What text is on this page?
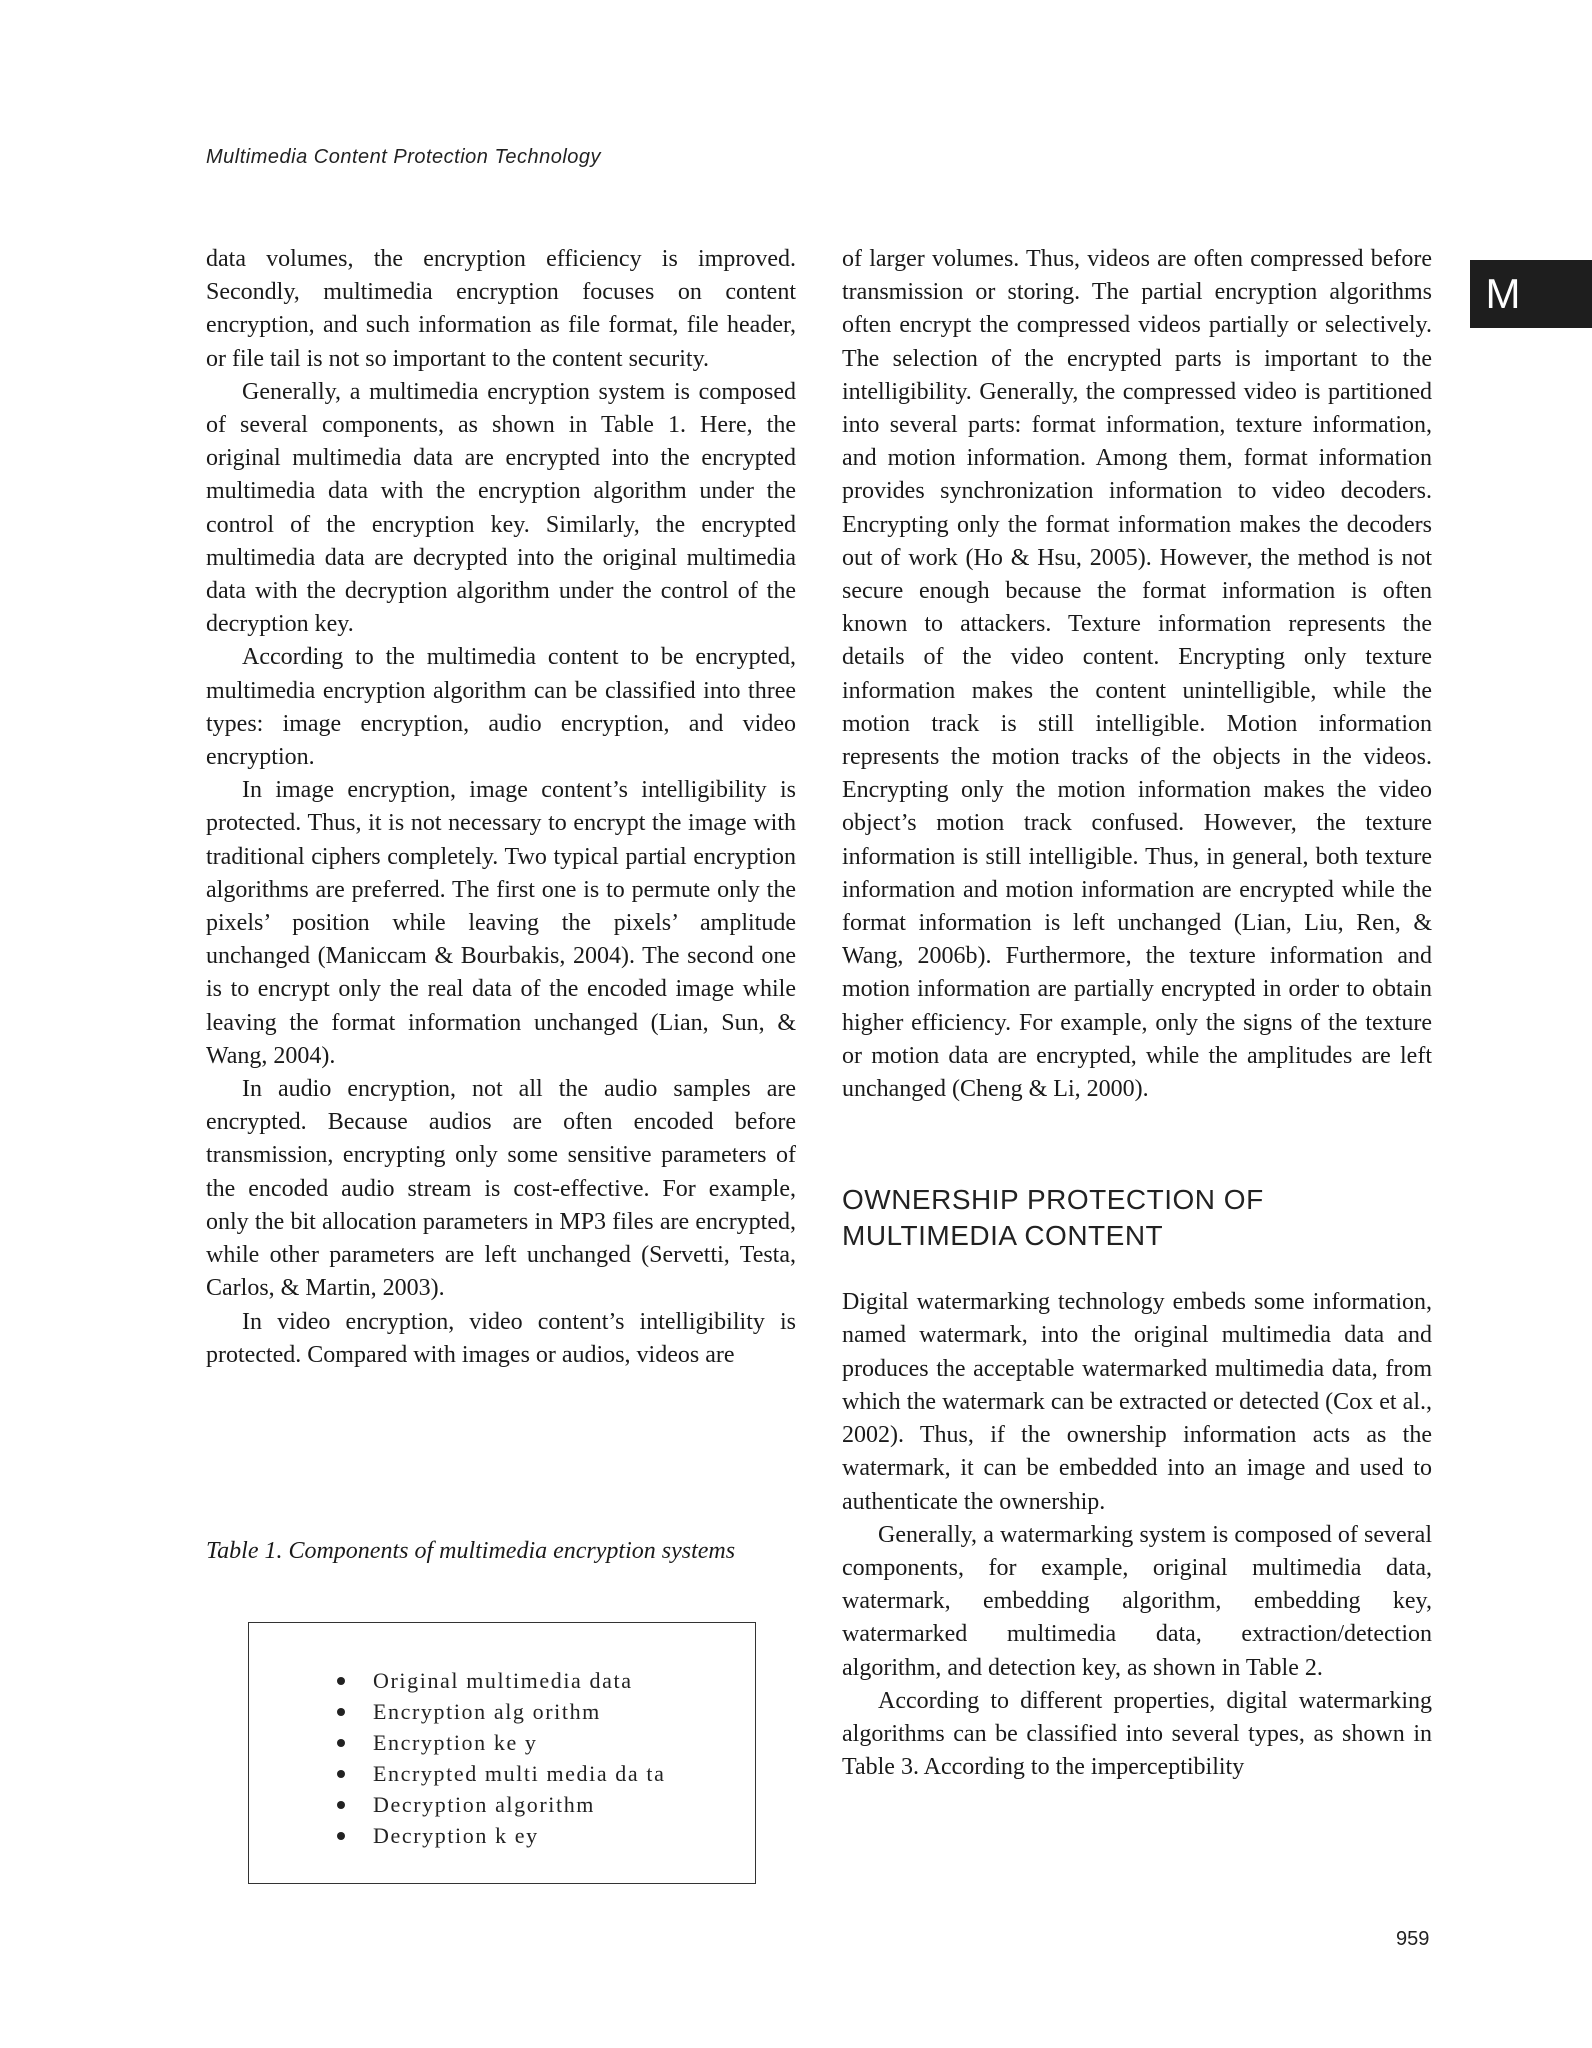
Multimedia Content Protection Technology
M

data volumes, the encryption efficiency is improved. Secondly, multimedia encryption focuses on content encryption, and such information as file format, file header, or file tail is not so important to the content security.

Generally, a multimedia encryption system is composed of several components, as shown in Table 1. Here, the original multimedia data are encrypted into the encrypted multimedia data with the encryption algorithm under the control of the encryption key. Similarly, the encrypted multimedia data are decrypted into the original multimedia data with the decryption algorithm under the control of the decryption key.

According to the multimedia content to be encrypted, multimedia encryption algorithm can be classified into three types: image encryption, audio encryption, and video encryption.

In image encryption, image content’s intelligibility is protected. Thus, it is not necessary to encrypt the image with traditional ciphers completely. Two typical partial encryption algorithms are preferred. The first one is to permute only the pixels’ position while leaving the pixels’ amplitude unchanged (Maniccam & Bourbakis, 2004). The second one is to encrypt only the real data of the encoded image while leaving the format information unchanged (Lian, Sun, & Wang, 2004).

In audio encryption, not all the audio samples are encrypted. Because audios are often encoded before transmission, encrypting only some sensitive parameters of the encoded audio stream is cost-effective. For example, only the bit allocation parameters in MP3 files are encrypted, while other parameters are left unchanged (Servetti, Testa, Carlos, & Martin, 2003).

In video encryption, video content’s intelligibility is protected. Compared with images or audios, videos are

Table 1. Components of multimedia encryption systems
Original multimedia data
Encryption alg orithm
Encryption ke y
Encrypted multi media da ta
Decryption algorithm
Decryption k ey

of larger volumes. Thus, videos are often compressed before transmission or storing. The partial encryption algorithms often encrypt the compressed videos partially or selectively. The selection of the encrypted parts is important to the intelligibility. Generally, the compressed video is partitioned into several parts: format information, texture information, and motion information. Among them, format information provides synchronization information to video decoders. Encrypting only the format information makes the decoders out of work (Ho & Hsu, 2005). However, the method is not secure enough because the format information is often known to attackers. Texture information represents the details of the video content. Encrypting only texture information makes the content unintelligible, while the motion track is still intelligible. Motion information represents the motion tracks of the objects in the videos. Encrypting only the motion information makes the video object’s motion track confused. However, the texture information is still intelligible. Thus, in general, both texture information and motion information are encrypted while the format information is left unchanged (Lian, Liu, Ren, & Wang, 2006b). Furthermore, the texture information and motion information are partially encrypted in order to obtain higher efficiency. For example, only the signs of the texture or motion data are encrypted, while the amplitudes are left unchanged (Cheng & Li, 2000).

OWNERSHIP PROTECTION OF
MULTIMEDIA CONTENT

Digital watermarking technology embeds some information, named watermark, into the original multimedia data and produces the acceptable watermarked multimedia data, from which the watermark can be extracted or detected (Cox et al., 2002). Thus, if the ownership information acts as the watermark, it can be embedded into an image and used to authenticate the ownership.

Generally, a watermarking system is composed of several components, for example, original multimedia data, watermark, embedding algorithm, embedding key, watermarked multimedia data, extraction/detection algorithm, and detection key, as shown in Table 2.

According to different properties, digital watermarking algorithms can be classified into several types, as shown in Table 3. According to the imperceptibility

959
